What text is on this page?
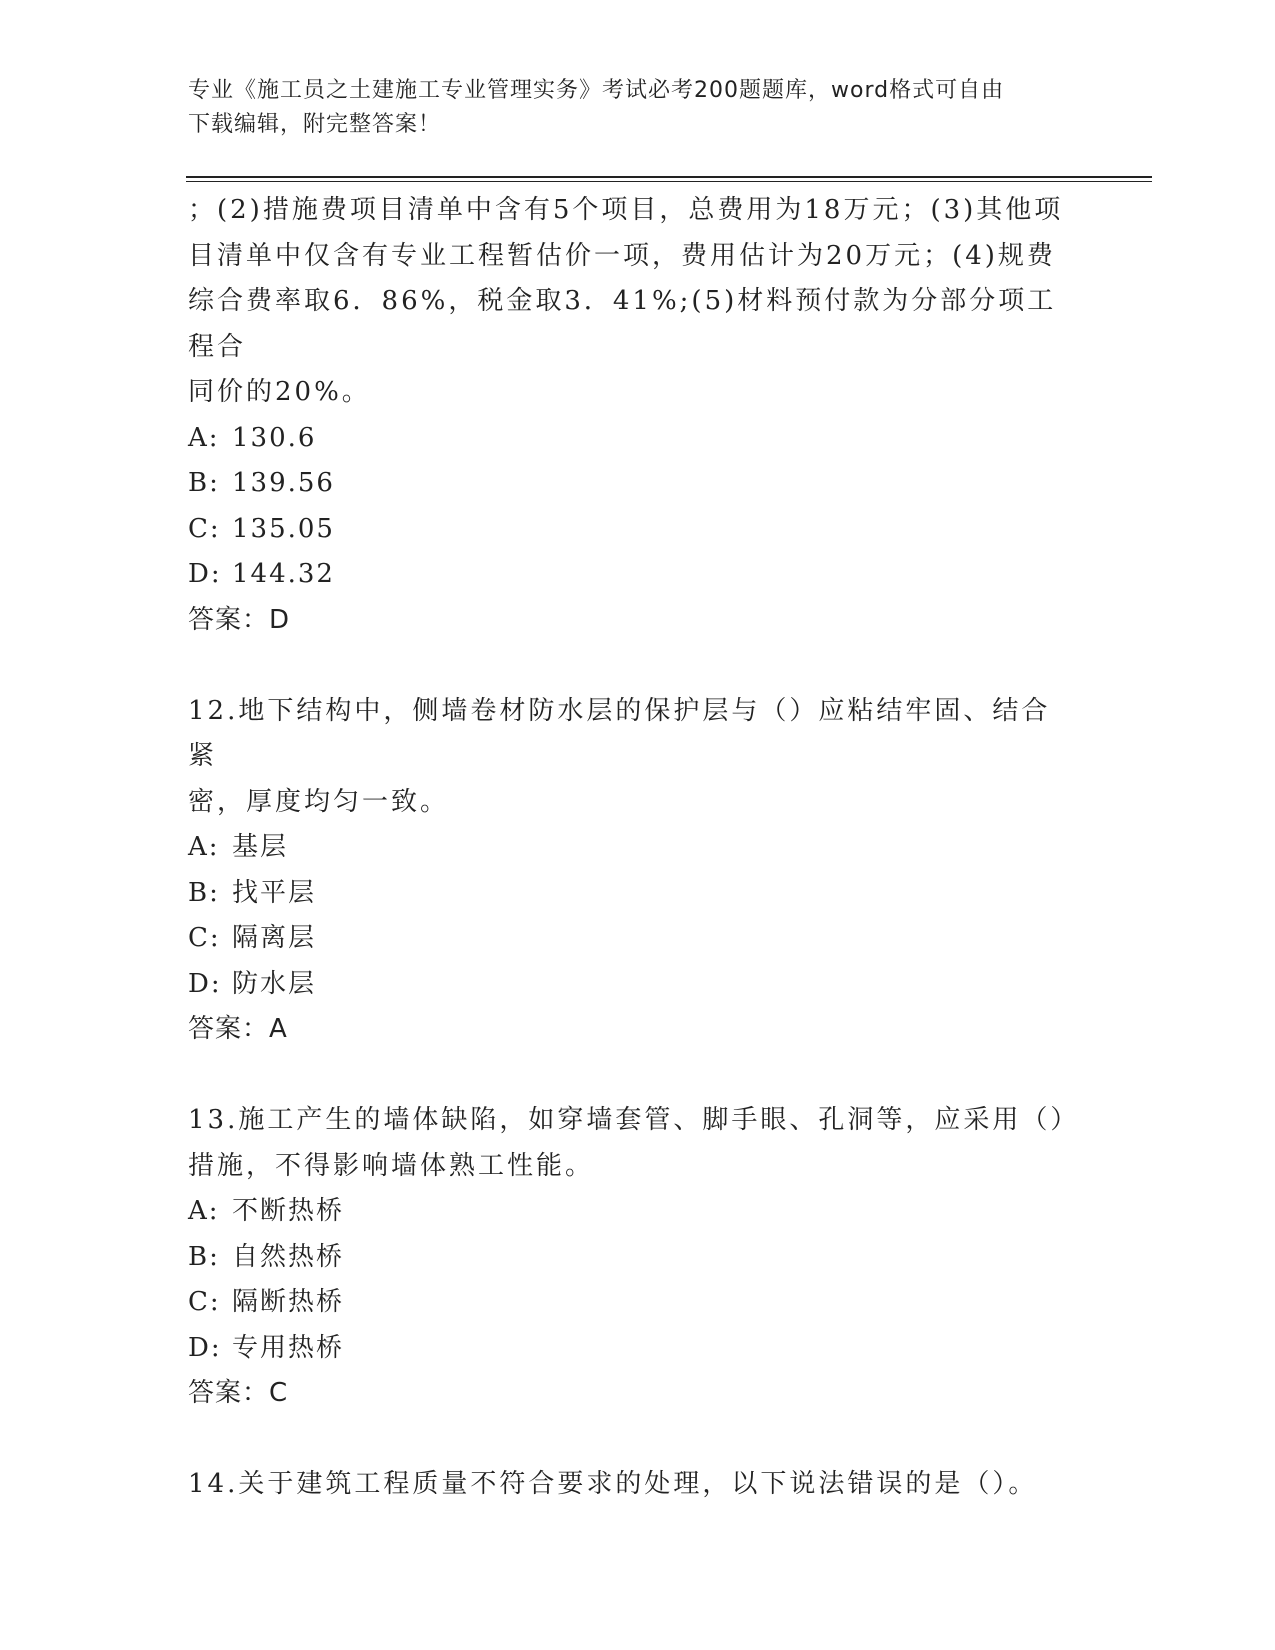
专业《施工员之土建施工专业管理实务》考试必考200题题库，word格式可自由
下载编辑，附完整答案！

；(2)措施费项目清单中含有5个项目，总费用为18万元；(3)其他项

目清单中仅含有专业工程暂估价一项，费用估计为20万元；(4)规费

综合费率取6．86%，税金取3．41%;(5)材料预付款为分部分项工程合

同价的20%。

A: 130.6

B: 139.56

C: 135.05

D: 144.32

答案：D

12.地下结构中，侧墙卷材防水层的保护层与（）应粘结牢固、结合紧

密，厚度均匀一致。

A: 基层

B: 找平层

C: 隔离层

D: 防水层

答案：A

13.施工产生的墙体缺陷，如穿墙套管、脚手眼、孔洞等，应采用（）

措施，不得影响墙体熟工性能。

A: 不断热桥

B: 自然热桥

C: 隔断热桥

D: 专用热桥

答案：C

14.关于建筑工程质量不符合要求的处理，以下说法错误的是（）。
